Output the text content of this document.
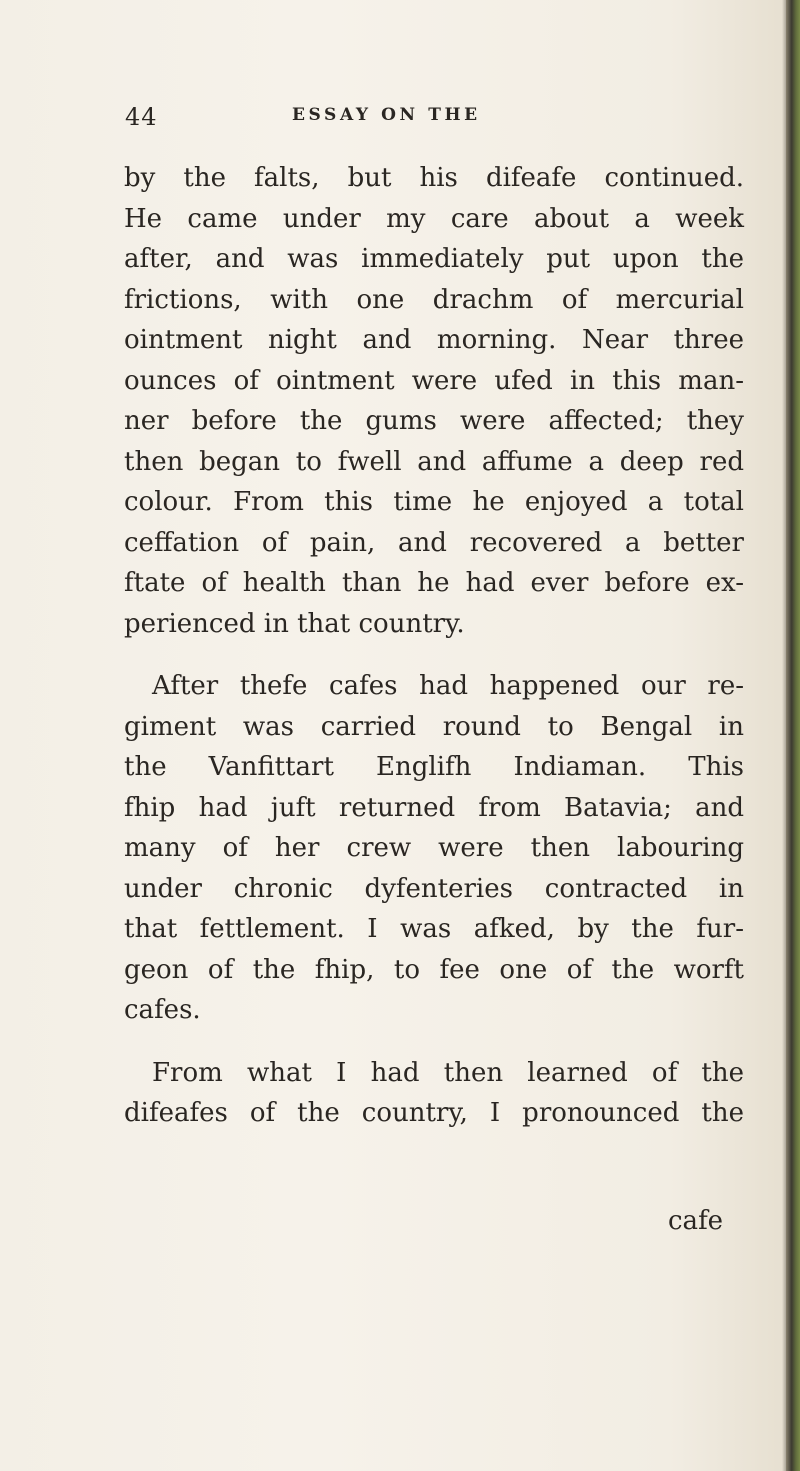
44	ESSAY ON THE
by the falts, but his difeafe continued.
He came under my care about a week
after, and was immediately put upon the
frictions, with one drachm of mercurial
ointment night and morning. Near three
ounces of ointment were ufed in this man-
ner before the gums were affected; they
then began to fwell and affume a deep red
colour. From this time he enjoyed a total
ceffation of pain, and recovered a better
ftate of health than he had ever before ex-
perienced in that country.
After thefe cafes had happened our re-
giment was carried round to Bengal in
the Vanfittart Englifh Indiaman. This
fhip had juft returned from Batavia; and
many of her crew were then labouring
under chronic dyfenteries contracted in
that fettlement. I was afked, by the fur-
geon of the fhip, to fee one of the worft
cafes.
From what I had then learned of the
difeafes of the country, I pronounced the
cafe
